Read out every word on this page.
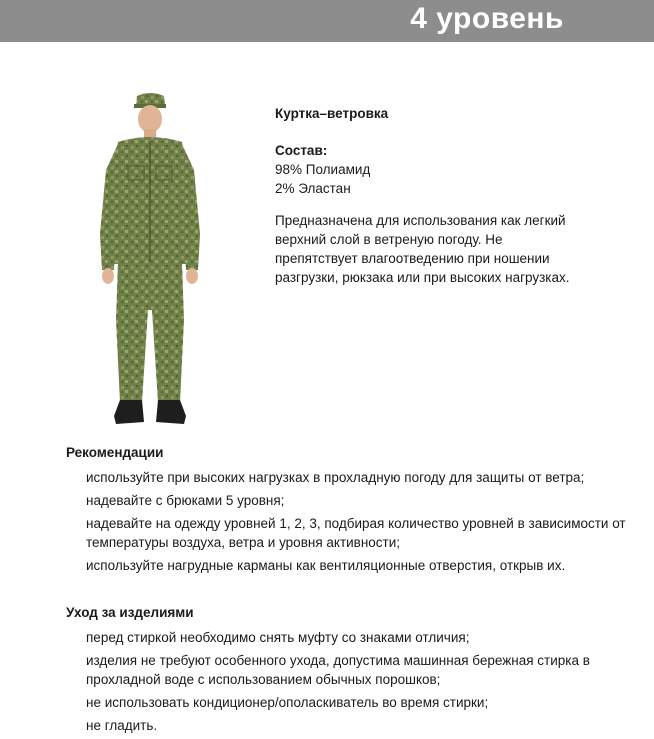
4 уровень

Куртка–ветровка

Состав:

98% Полиамид

2% Эластан

Предназначена для использования как легкий верхний слой в ветреную погоду. Не препятствует влагоотведению при ношении разгрузки, рюкзака или при высоких нагрузках.

Рекомендации
используйте при высоких нагрузках в прохладную погоду для защиты от ветра;
надевайте с брюками 5 уровня;
надевайте на одежду уровней 1, 2, 3, подбирая количество уровней в зависимости от температуры воздуха, ветра и уровня активности;
используйте нагрудные карманы как вентиляционные отверстия, открыв их.
Уход за изделиями
перед стиркой необходимо снять муфту со знаками отличия;
изделия не требуют особенного ухода, допустима машинная бережная стирка в прохладной воде с использованием обычных порошков;
не использовать кондиционер/ополаскиватель во время стирки;
не гладить.
